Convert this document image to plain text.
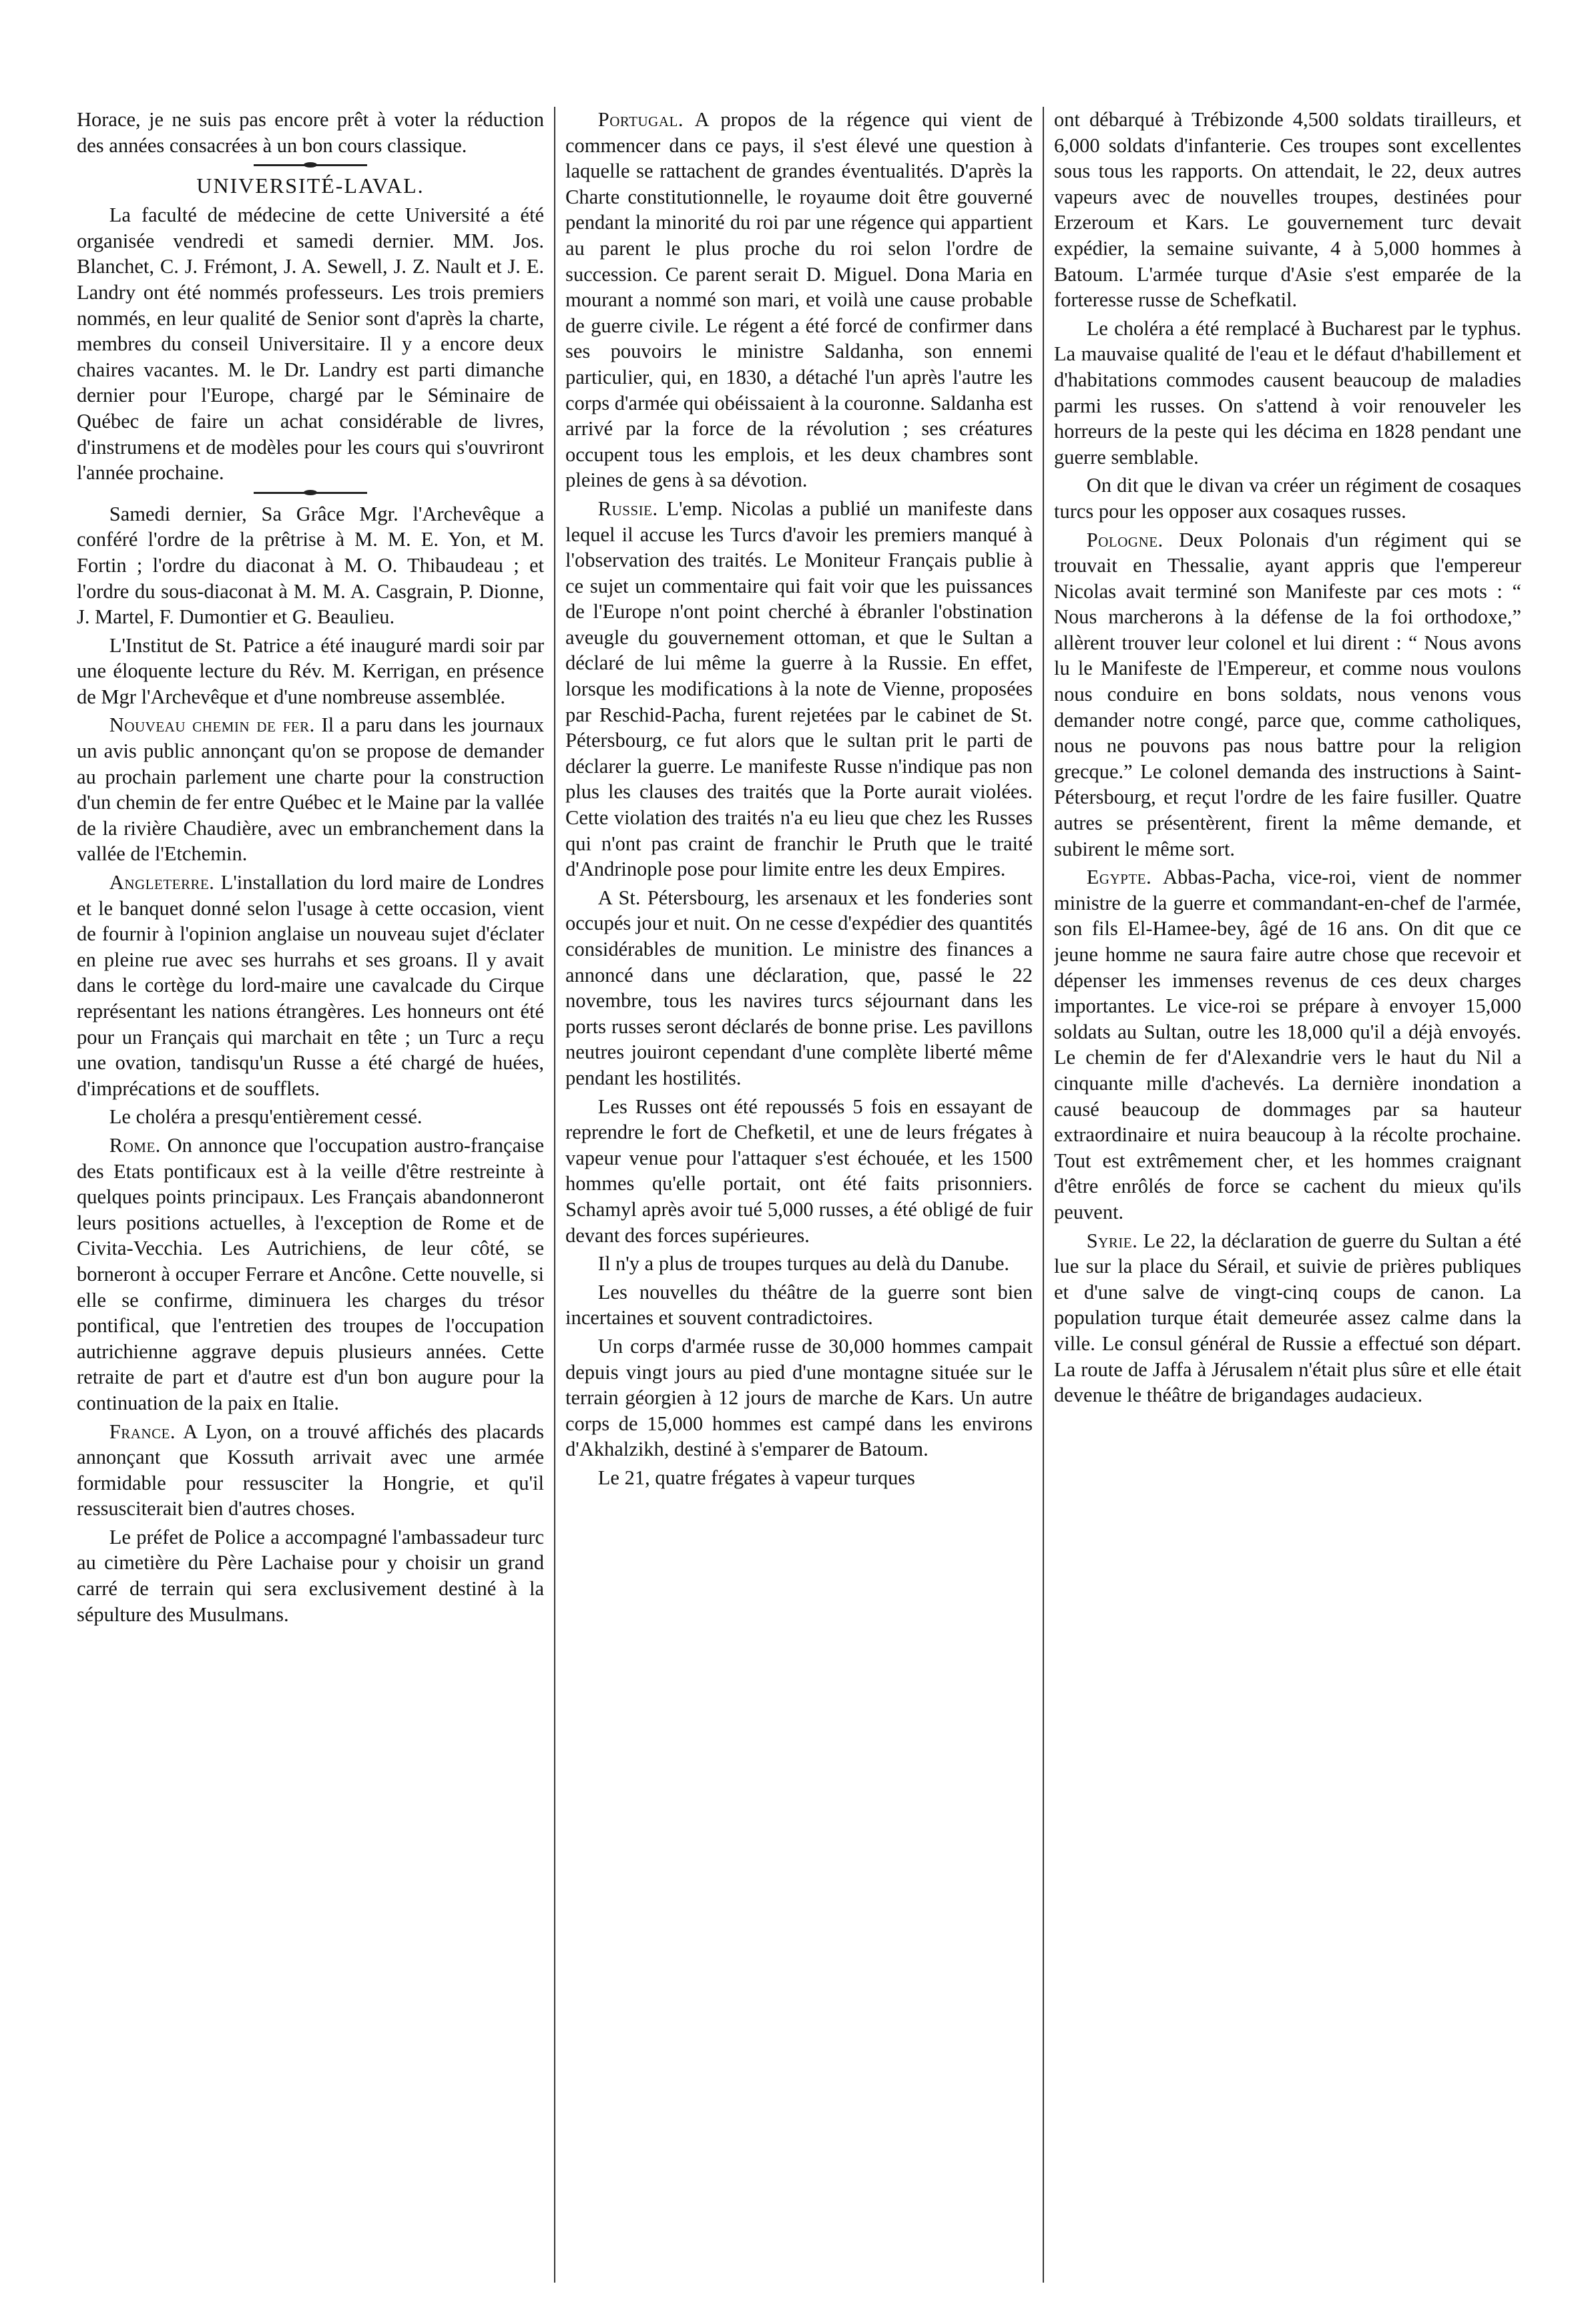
Horace, je ne suis pas encore prêt à voter la réduction des années consacrées à un bon cours classique.

UNIVERSITÉ-LAVAL.

La faculté de médecine de cette Université a été organisée vendredi et samedi dernier. MM. Jos. Blanchet, C. J. Frémont, J. A. Sewell, J. Z. Nault et J. E. Landry ont été nommés professeurs. Les trois premiers nommés, en leur qualité de Senior sont d'après la charte, membres du conseil Universitaire. Il y a encore deux chaires vacantes. M. le Dr. Landry est parti dimanche dernier pour l'Europe, chargé par le Séminaire de Québec de faire un achat considérable de livres, d'instrumens et de modèles pour les cours qui s'ouvriront l'année prochaine.

Samedi dernier, Sa Grâce Mgr. l'Archevêque a conféré l'ordre de la prêtrise à M. M. E. Yon, et M. Fortin ; l'ordre du diaconat à M. O. Thibaudeau ; et l'ordre du sous-diaconat à M. M. A. Casgrain, P. Dionne, J. Martel, F. Dumontier et G. Beaulieu.

L'Institut de St. Patrice a été inauguré mardi soir par une éloquente lecture du Rév. M. Kerrigan, en présence de Mgr l'Archevêque et d'une nombreuse assemblée.

Nouveau chemin de fer. Il a paru dans les journaux un avis public annonçant qu'on se propose de demander au prochain parlement une charte pour la construction d'un chemin de fer entre Québec et le Maine par la vallée de la rivière Chaudière, avec un embranchement dans la vallée de l'Etchemin.

Angleterre. L'installation du lord maire de Londres et le banquet donné selon l'usage à cette occasion, vient de fournir à l'opinion anglaise un nouveau sujet d'éclater en pleine rue avec ses hurrahs et ses groans. Il y avait dans le cortège du lord-maire une cavalcade du Cirque représentant les nations étrangères. Les honneurs ont été pour un Français qui marchait en tête ; un Turc a reçu une ovation, tandisqu'un Russe a été chargé de huées, d'imprécations et de soufflets.

Le choléra a presqu'entièrement cessé.

Rome. On annonce que l'occupation austro-française des Etats pontificaux est à la veille d'être restreinte à quelques points principaux. Les Français abandonneront leurs positions actuelles, à l'exception de Rome et de Civita-Vecchia. Les Autrichiens, de leur côté, se borneront à occuper Ferrare et Ancône. Cette nouvelle, si elle se confirme, diminuera les charges du trésor pontifical, que l'entretien des troupes de l'occupation autrichienne aggrave depuis plusieurs années. Cette retraite de part et d'autre est d'un bon augure pour la continuation de la paix en Italie.

France. A Lyon, on a trouvé affichés des placards annonçant que Kossuth arrivait avec une armée formidable pour ressusciter la Hongrie, et qu'il ressusciterait bien d'autres choses.

Le préfet de Police a accompagné l'ambassadeur turc au cimetière du Père Lachaise pour y choisir un grand carré de terrain qui sera exclusivement destiné à la sépulture des Musulmans.

Portugal. A propos de la régence qui vient de commencer dans ce pays, il s'est élevé une question à laquelle se rattachent de grandes éventualités. D'après la Charte constitutionnelle, le royaume doit être gouverné pendant la minorité du roi par une régence qui appartient au parent le plus proche du roi selon l'ordre de succession. Ce parent serait D. Miguel. Dona Maria en mourant a nommé son mari, et voilà une cause probable de guerre civile. Le régent a été forcé de confirmer dans ses pouvoirs le ministre Saldanha, son ennemi particulier, qui, en 1830, a détaché l'un après l'autre les corps d'armée qui obéissaient à la couronne. Saldanha est arrivé par la force de la révolution ; ses créatures occupent tous les emplois, et les deux chambres sont pleines de gens à sa dévotion.

Russie. L'emp. Nicolas a publié un manifeste dans lequel il accuse les Turcs d'avoir les premiers manqué à l'observation des traités. Le Moniteur Français publie à ce sujet un commentaire qui fait voir que les puissances de l'Europe n'ont point cherché à ébranler l'obstination aveugle du gouvernement ottoman, et que le Sultan a déclaré de lui même la guerre à la Russie. En effet, lorsque les modifications à la note de Vienne, proposées par Reschid-Pacha, furent rejetées par le cabinet de St. Pétersbourg, ce fut alors que le sultan prit le parti de déclarer la guerre. Le manifeste Russe n'indique pas non plus les clauses des traités que la Porte aurait violées. Cette violation des traités n'a eu lieu que chez les Russes qui n'ont pas craint de franchir le Pruth que le traité d'Andrinople pose pour limite entre les deux Empires.

A St. Pétersbourg, les arsenaux et les fonderies sont occupés jour et nuit. On ne cesse d'expédier des quantités considérables de munition. Le ministre des finances a annoncé dans une déclaration, que, passé le 22 novembre, tous les navires turcs séjournant dans les ports russes seront déclarés de bonne prise. Les pavillons neutres jouiront cependant d'une complète liberté même pendant les hostilités.

Les Russes ont été repoussés 5 fois en essayant de reprendre le fort de Chefketil, et une de leurs frégates à vapeur venue pour l'attaquer s'est échouée, et les 1500 hommes qu'elle portait, ont été faits prisonniers. Schamyl après avoir tué 5,000 russes, a été obligé de fuir devant des forces supérieures.

Il n'y a plus de troupes turques au delà du Danube.

Les nouvelles du théâtre de la guerre sont bien incertaines et souvent contradictoires.

Un corps d'armée russe de 30,000 hommes campait depuis vingt jours au pied d'une montagne située sur le terrain géorgien à 12 jours de marche de Kars. Un autre corps de 15,000 hommes est campé dans les environs d'Akhalzikh, destiné à s'emparer de Batoum.

Le 21, quatre frégates à vapeur turques

ont débarqué à Trébizonde 4,500 soldats tirailleurs, et 6,000 soldats d'infanterie. Ces troupes sont excellentes sous tous les rapports. On attendait, le 22, deux autres vapeurs avec de nouvelles troupes, destinées pour Erzeroum et Kars. Le gouvernement turc devait expédier, la semaine suivante, 4 à 5,000 hommes à Batoum. L'armée turque d'Asie s'est emparée de la forteresse russe de Schefkatil.

Le choléra a été remplacé à Bucharest par le typhus. La mauvaise qualité de l'eau et le défaut d'habillement et d'habitations commodes causent beaucoup de maladies parmi les russes. On s'attend à voir renouveler les horreurs de la peste qui les décima en 1828 pendant une guerre semblable.

On dit que le divan va créer un régiment de cosaques turcs pour les opposer aux cosaques russes.

Pologne. Deux Polonais d'un régiment qui se trouvait en Thessalie, ayant appris que l'empereur Nicolas avait terminé son Manifeste par ces mots : “ Nous marcherons à la défense de la foi orthodoxe,” allèrent trouver leur colonel et lui dirent : “ Nous avons lu le Manifeste de l'Empereur, et comme nous voulons nous conduire en bons soldats, nous venons vous demander notre congé, parce que, comme catholiques, nous ne pouvons pas nous battre pour la religion grecque.” Le colonel demanda des instructions à Saint-Pétersbourg, et reçut l'ordre de les faire fusiller. Quatre autres se présentèrent, firent la même demande, et subirent le même sort.

Egypte. Abbas-Pacha, vice-roi, vient de nommer ministre de la guerre et commandant-en-chef de l'armée, son fils El-Hamee-bey, âgé de 16 ans. On dit que ce jeune homme ne saura faire autre chose que recevoir et dépenser les immenses revenus de ces deux charges importantes. Le vice-roi se prépare à envoyer 15,000 soldats au Sultan, outre les 18,000 qu'il a déjà envoyés. Le chemin de fer d'Alexandrie vers le haut du Nil a cinquante mille d'achevés. La dernière inondation a causé beaucoup de dommages par sa hauteur extraordinaire et nuira beaucoup à la récolte prochaine. Tout est extrêmement cher, et les hommes craignant d'être enrôlés de force se cachent du mieux qu'ils peuvent.

Syrie. Le 22, la déclaration de guerre du Sultan a été lue sur la place du Sérail, et suivie de prières publiques et d'une salve de vingt-cinq coups de canon. La population turque était demeurée assez calme dans la ville. Le consul général de Russie a effectué son départ. La route de Jaffa à Jérusalem n'était plus sûre et elle était devenue le théâtre de brigandages audacieux.
